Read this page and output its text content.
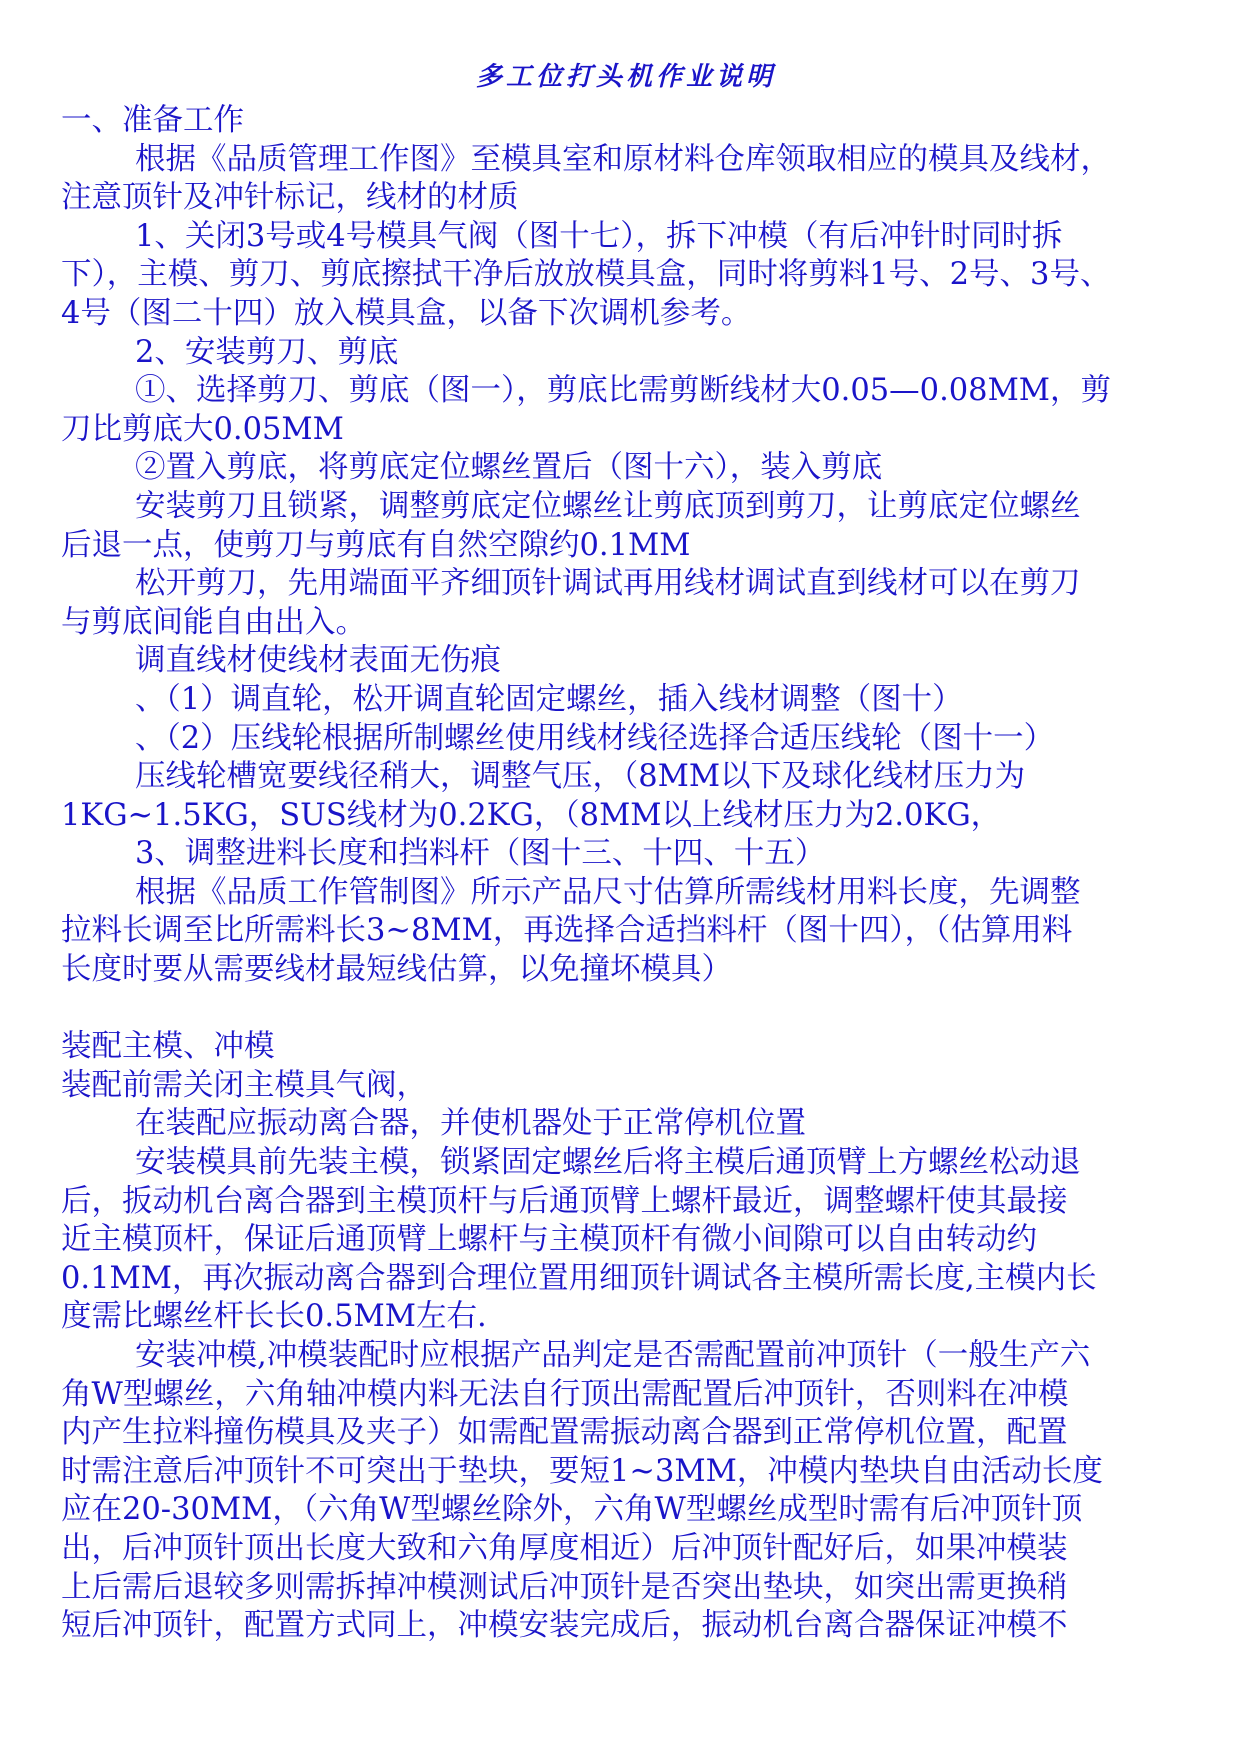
多工位打头机作业说明

一、准备工作

根据《品质管理工作图》至模具室和原材料仓库领取相应的模具及线材，

注意顶针及冲针标记，线材的材质

1、关闭3号或4号模具气阀（图十七），拆下冲模（有后冲针时同时拆

下），主模、剪刀、剪底擦拭干净后放放模具盒，同时将剪料1号、2号、3号、

4号（图二十四）放入模具盒，以备下次调机参考。

2、安装剪刀、剪底

①、选择剪刀、剪底（图一），剪底比需剪断线材大0.05—0.08MM，剪

刀比剪底大0.05MM

②置入剪底，将剪底定位螺丝置后（图十六），装入剪底

安装剪刀且锁紧，调整剪底定位螺丝让剪底顶到剪刀，让剪底定位螺丝

后退一点，使剪刀与剪底有自然空隙约0.1MM

松开剪刀，先用端面平齐细顶针调试再用线材调试直到线材可以在剪刀

与剪底间能自由出入。

调直线材使线材表面无伤痕

、（1）调直轮，松开调直轮固定螺丝，插入线材调整（图十）

、（2）压线轮根据所制螺丝使用线材线径选择合适压线轮（图十一）

压线轮槽宽要线径稍大，调整气压，（8MM以下及球化线材压力为

1KG~1.5KG，SUS线材为0.2KG，（8MM以上线材压力为2.0KG，

3、调整进料长度和挡料杆（图十三、十四、十五）

根据《品质工作管制图》所示产品尺寸估算所需线材用料长度，先调整

拉料长调至比所需料长3~8MM，再选择合适挡料杆（图十四），（估算用料

长度时要从需要线材最短线估算，以免撞坏模具）

装配主模、冲模

装配前需关闭主模具气阀，

在装配应振动离合器，并使机器处于正常停机位置

安装模具前先装主模，锁紧固定螺丝后将主模后通顶臂上方螺丝松动退

后，扳动机台离合器到主模顶杆与后通顶臂上螺杆最近，调整螺杆使其最接

近主模顶杆，保证后通顶臂上螺杆与主模顶杆有微小间隙可以自由转动约

0.1MM，再次振动离合器到合理位置用细顶针调试各主模所需长度,主模内长

度需比螺丝杆长长0.5MM左右.

安装冲模,冲模装配时应根据产品判定是否需配置前冲顶针（一般生产六

角W型螺丝，六角轴冲模内料无法自行顶出需配置后冲顶针，否则料在冲模

内产生拉料撞伤模具及夹子）如需配置需振动离合器到正常停机位置，配置

时需注意后冲顶针不可突出于垫块，要短1~3MM，冲模内垫块自由活动长度

应在20-30MM，（六角W型螺丝除外，六角W型螺丝成型时需有后冲顶针顶

出，后冲顶针顶出长度大致和六角厚度相近）后冲顶针配好后，如果冲模装

上后需后退较多则需拆掉冲模测试后冲顶针是否突出垫块，如突出需更换稍

短后冲顶针，配置方式同上，冲模安装完成后，振动机台离合器保证冲模不
